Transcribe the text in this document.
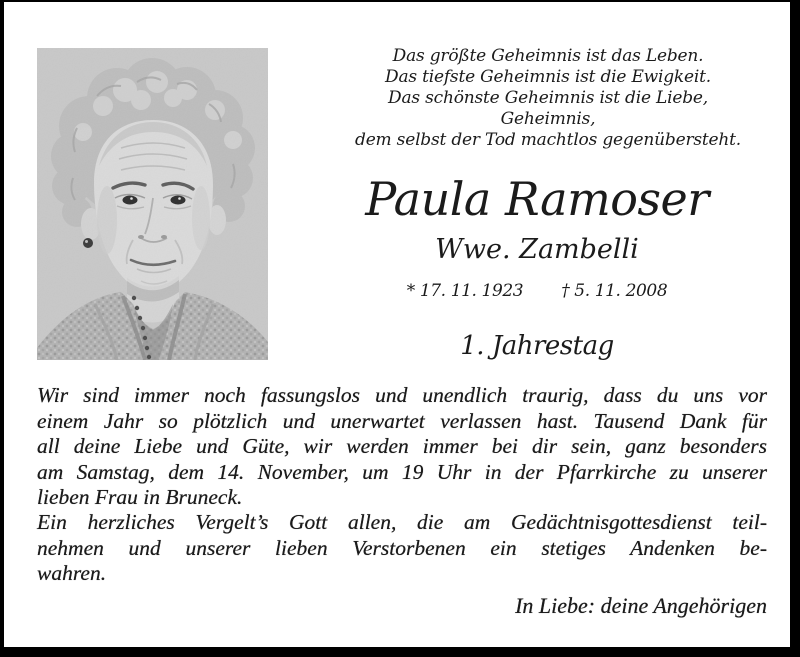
Das größte Geheimnis ist das Leben.
Das tiefste Geheimnis ist die Ewigkeit.
Das schönste Geheimnis ist die Liebe,
Geheimnis,
dem selbst der Tod machtlos gegenübersteht.
Paula Ramoser
Wwe. Zambelli
* 17. 11. 1923 † 5. 11. 2008
1. Jahrestag
Wir sind immer noch fassungslos und unendlich traurig, dass du uns vor
einem Jahr so plötzlich und unerwartet verlassen hast. Tausend Dank für
all deine Liebe und Güte, wir werden immer bei dir sein, ganz besonders
am Samstag, dem 14. November, um 19 Uhr in der Pfarrkirche zu unserer
lieben Frau in Bruneck.
Ein herzliches Vergelt’s Gott allen, die am Gedächtnisgottesdienst teil-
nehmen und unserer lieben Verstorbenen ein stetiges Andenken be-
wahren.
In Liebe: deine Angehörigen
